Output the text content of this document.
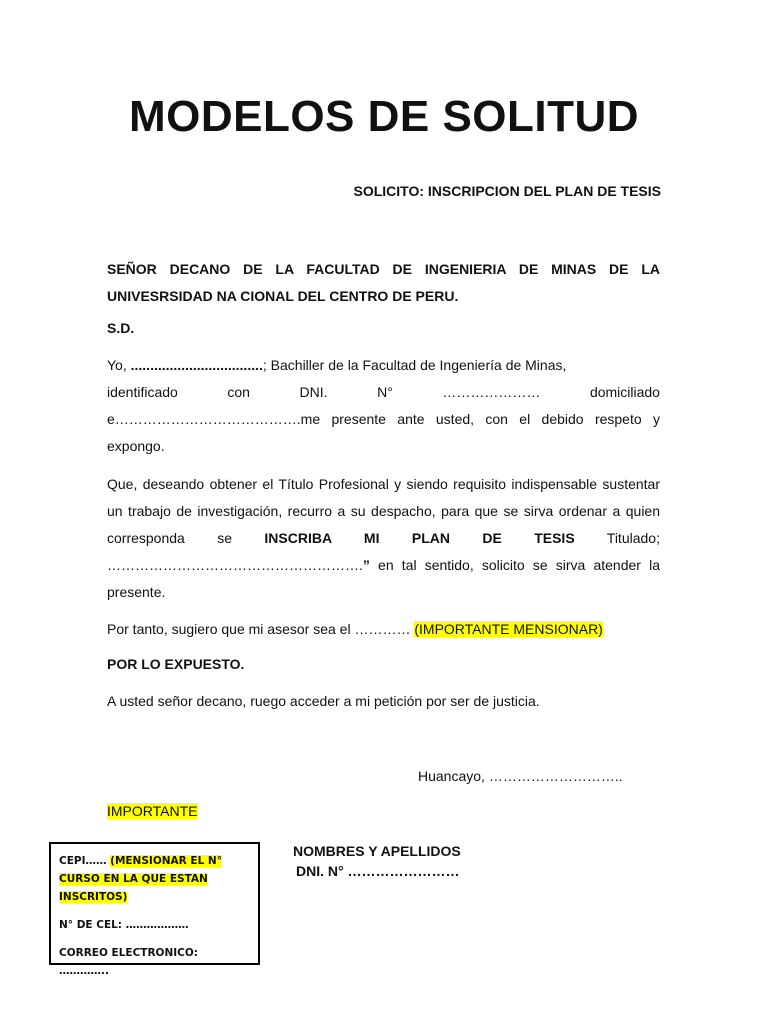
MODELOS DE SOLITUD
SOLICITO: INSCRIPCION DEL PLAN DE TESIS
SEÑOR DECANO DE LA FACULTAD DE INGENIERIA DE MINAS DE LA UNIVESRSIDAD NA CIONAL DEL CENTRO DE PERU.
S.D.
Yo, ..................................; Bachiller de la Facultad de Ingeniería de Minas,
identificado	con	DNI.	N°	…………………	domiciliado
e………………………………….me presente ante usted, con el debido respeto y expongo.
Que, deseando obtener el Título Profesional y siendo requisito indispensable sustentar un trabajo de investigación, recurro a su despacho, para que se sirva ordenar a quien corresponda se INSCRIBA MI PLAN DE TESIS Titulado; ……………………………………………….” en tal sentido, solicito se sirva atender la presente.
Por tanto, sugiero que mi asesor sea el ………… (IMPORTANTE MENSIONAR)
POR LO EXPUESTO.
A usted señor decano, ruego acceder a mi petición por ser de justicia.
Huancayo, ………………………..
IMPORTANTE
CEPI…… (MENSIONAR EL N° CURSO EN LA QUE ESTAN INSCRITOS)
N° DE CEL: ………………
CORREO ELECTRONICO: …………..
NOMBRES Y APELLIDOS
DNI. N° ……………………
